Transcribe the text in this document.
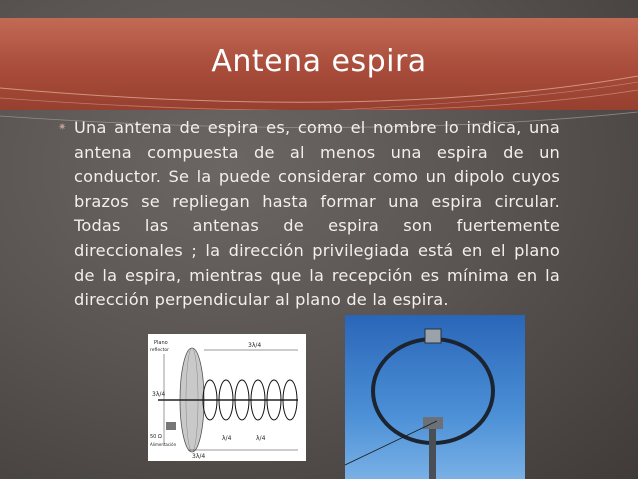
Antena espira
✷ Una antena de espira es, como el nombre lo indica, una antena compuesta de al menos una espira de un conductor. Se la puede considerar como un dipolo cuyos brazos se repliegan hasta formar una espira circular. Todas las antenas de espira son fuertemente direccionales ; la dirección privilegiada está en el plano de la espira, mientras que la recepción es mínima en la dirección perpendicular al plano de la espira.
Plano
reflector
3λ/4
3λ/4
50 Ω
Alimentación
λ/4	λ/4
3λ/4
